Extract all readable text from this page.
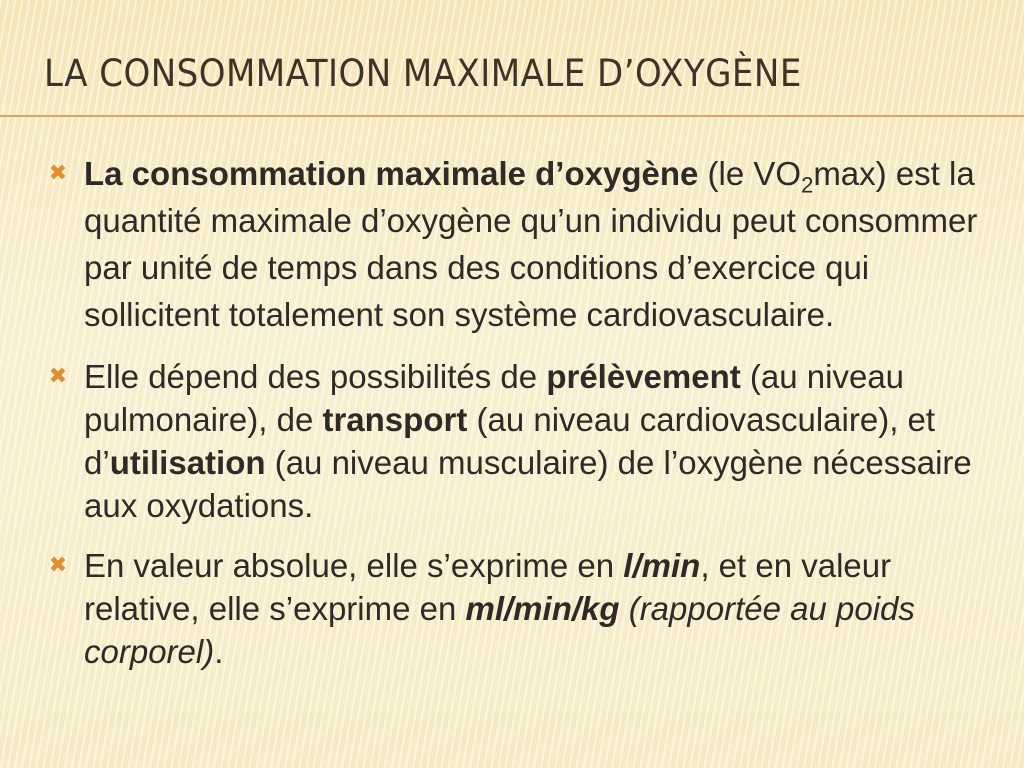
LA CONSOMMATION MAXIMALE D’OXYGÈNE
✖ La consommation maximale d’oxygène (le $VO_2\max$) est la quantité maximale d’oxygène qu’un individu peut consommer par unité de temps dans des conditions d’exercice qui sollicitent totalement son système cardiovasculaire.
✖ Elle dépend des possibilités de prélèvement (au niveau pulmonaire), de transport (au niveau cardiovasculaire), et d’utilisation (au niveau musculaire) de l’oxygène nécessaire aux oxydations.
✖ En valeur absolue, elle s’exprime en l/min, et en valeur relative, elle s’exprime en ml/min/kg (rapportée au poids corporel).
